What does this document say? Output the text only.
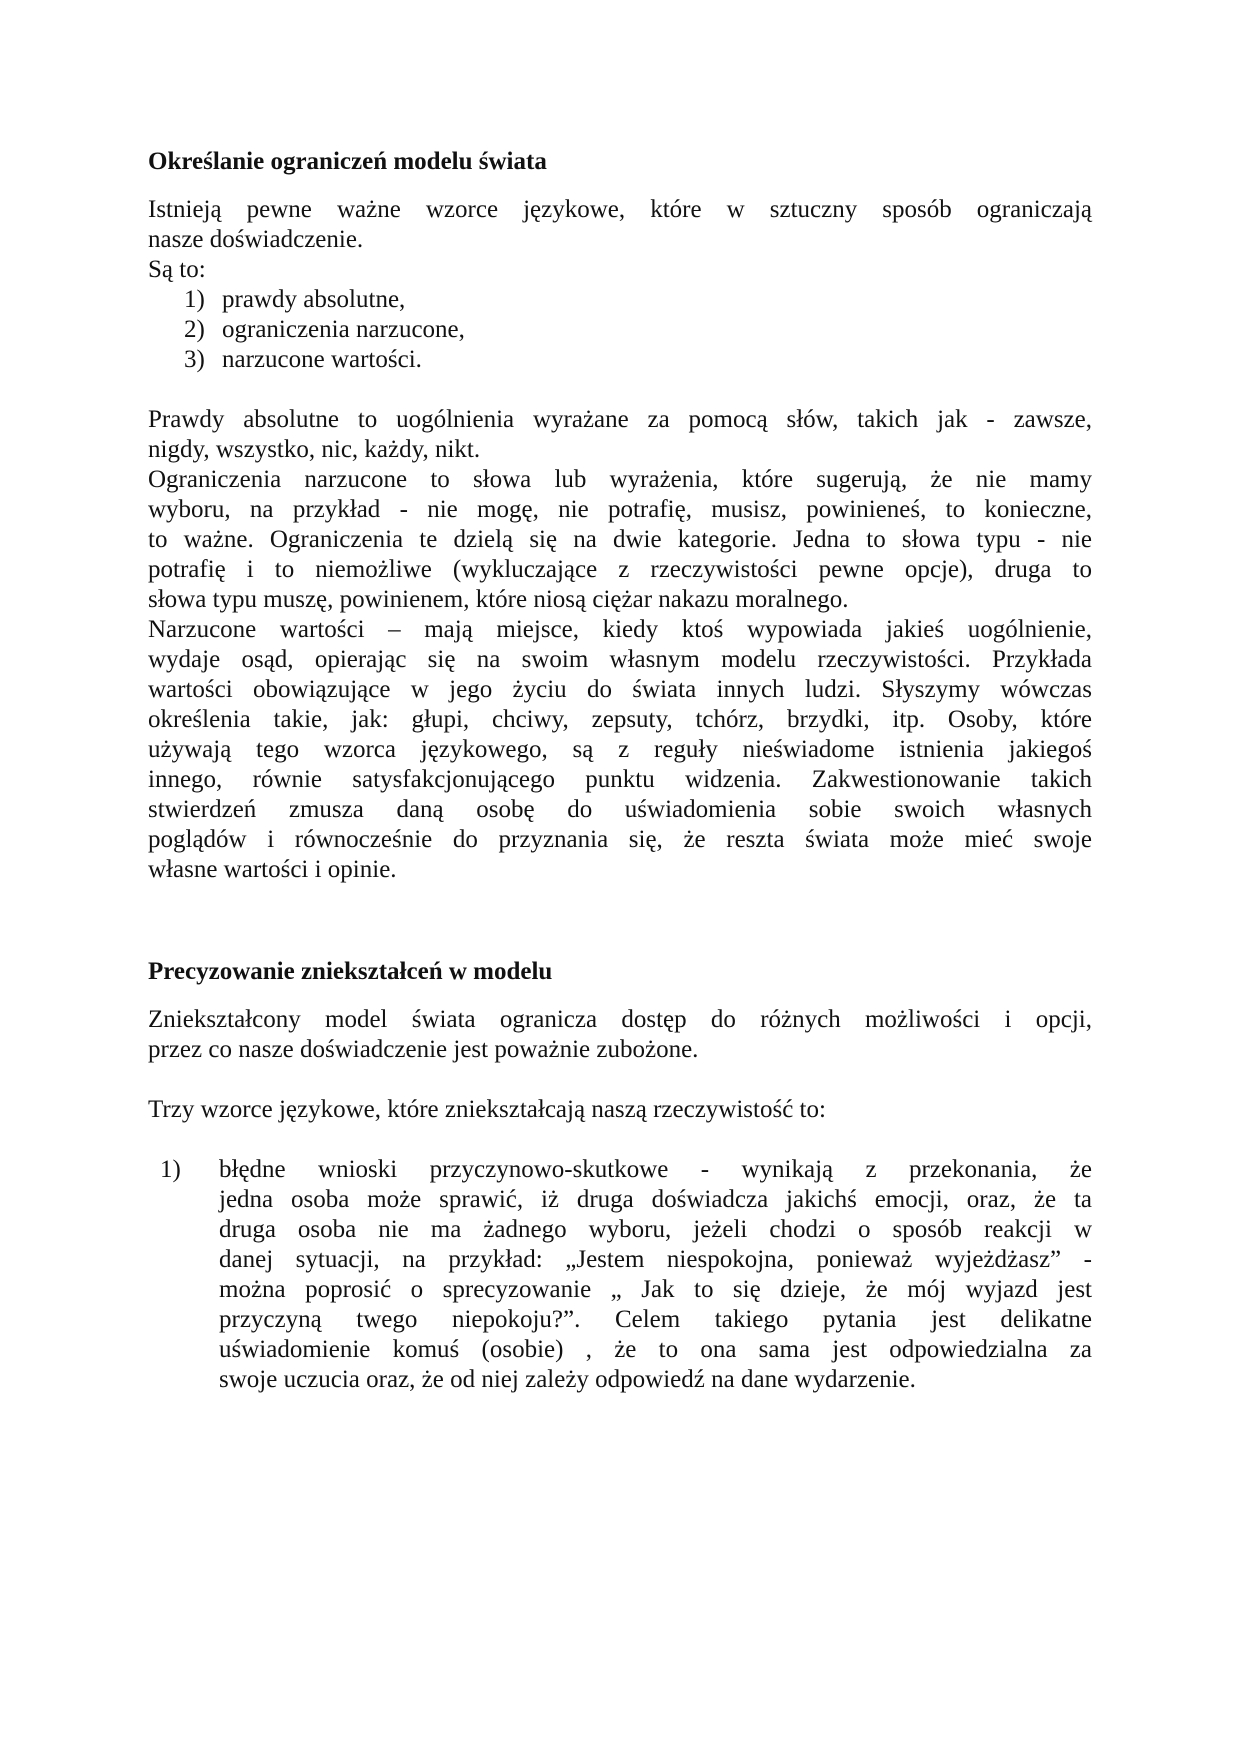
Określanie ograniczeń modelu świata
Istnieją pewne ważne wzorce językowe, które w sztuczny sposób ograniczają
nasze doświadczenie.
Są to:
1) prawdy absolutne,
2) ograniczenia narzucone,
3) narzucone wartości.
Prawdy absolutne to uogólnienia wyrażane za pomocą słów, takich jak - zawsze,
nigdy, wszystko, nic, każdy, nikt.
Ograniczenia narzucone to słowa lub wyrażenia, które sugerują, że nie mamy
wyboru, na przykład - nie mogę, nie potrafię, musisz, powinieneś, to konieczne,
to ważne. Ograniczenia te dzielą się na dwie kategorie. Jedna to słowa typu - nie
potrafię i to niemożliwe (wykluczające z rzeczywistości pewne opcje), druga to
słowa typu muszę, powinienem, które niosą ciężar nakazu moralnego.
Narzucone wartości – mają miejsce, kiedy ktoś wypowiada jakieś uogólnienie,
wydaje osąd, opierając się na swoim własnym modelu rzeczywistości. Przykłada
wartości obowiązujące w jego życiu do świata innych ludzi. Słyszymy wówczas
określenia takie, jak: głupi, chciwy, zepsuty, tchórz, brzydki, itp. Osoby, które
używają tego wzorca językowego, są z reguły nieświadome istnienia jakiegoś
innego, równie satysfakcjonującego punktu widzenia. Zakwestionowanie takich
stwierdzeń zmusza daną osobę do uświadomienia sobie swoich własnych
poglądów i równocześnie do przyznania się, że reszta świata może mieć swoje
własne wartości i opinie.
Precyzowanie zniekształceń w modelu
Zniekształcony model świata ogranicza dostęp do różnych możliwości i opcji,
przez co nasze doświadczenie jest poważnie zubożone.
Trzy wzorce językowe, które zniekształcają naszą rzeczywistość to:
1) błędne wnioski przyczynowo-skutkowe - wynikają z przekonania, że
jedna osoba może sprawić, iż druga doświadcza jakichś emocji, oraz, że ta
druga osoba nie ma żadnego wyboru, jeżeli chodzi o sposób reakcji w
danej sytuacji, na przykład: „Jestem niespokojna, ponieważ wyjeżdżasz” -
można poprosić o sprecyzowanie „ Jak to się dzieje, że mój wyjazd jest
przyczyną twego niepokoju?”. Celem takiego pytania jest delikatne
uświadomienie komuś (osobie) , że to ona sama jest odpowiedzialna za
swoje uczucia oraz, że od niej zależy odpowiedź na dane wydarzenie.
